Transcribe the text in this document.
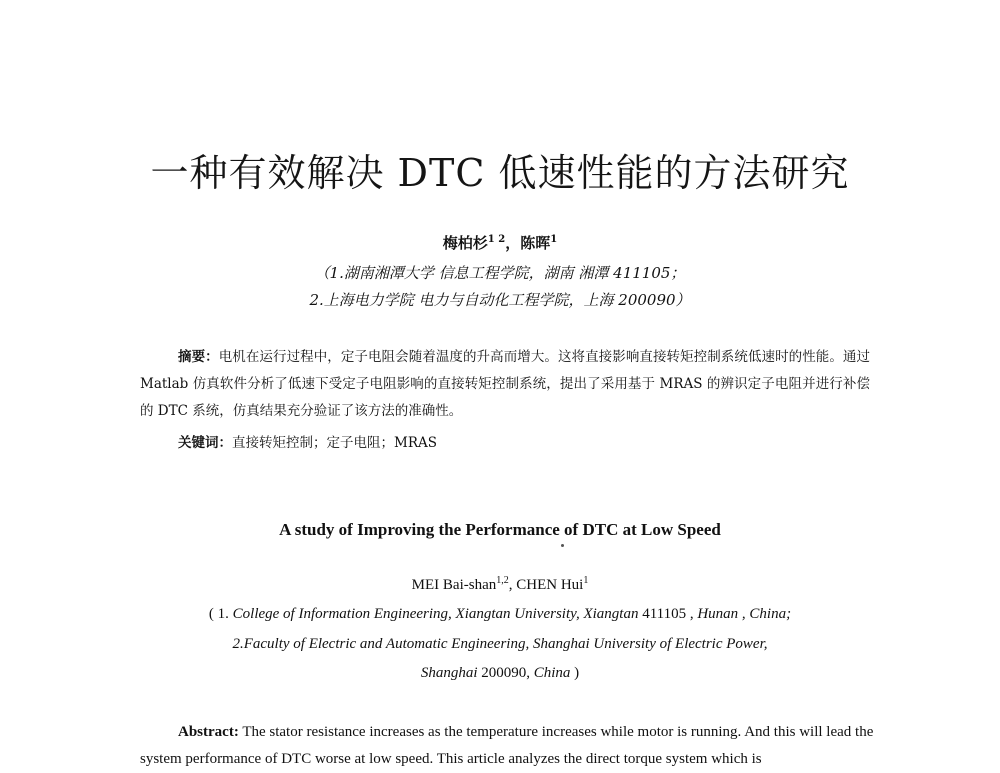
一种有效解决 DTC 低速性能的方法研究
梅柏杉$^{1 2}$，陈晖$^1$
（1.湖南湘潭大学 信息工程学院，湖南 湘潭 411105；
2.上海电力学院 电力与自动化工程学院，上海 200090）
摘要：电机在运行过程中，定子电阻会随着温度的升高而增大。这将直接影响直接转矩控制系统低速时的性能。通过 Matlab 仿真软件分析了低速下受定子电阻影响的直接转矩控制系统，提出了采用基于 MRAS 的辨识定子电阻并进行补偿的 DTC 系统，仿真结果充分验证了该方法的准确性。
关键词：直接转矩控制；定子电阻；MRAS
A study of Improving the Performance of DTC at Low Speed
MEI Bai-shan$^{1,2}$, CHEN Hui$^1$
( 1. College of Information Engineering, Xiangtan University, Xiangtan 411105 , Hunan , China;
2.Faculty of Electric and Automatic Engineering, Shanghai University of Electric Power,
Shanghai 200090, China )
Abstract: The stator resistance increases as the temperature increases while motor is running. And this will lead the system performance of DTC worse at low speed. This article analyzes the direct torque system which is
